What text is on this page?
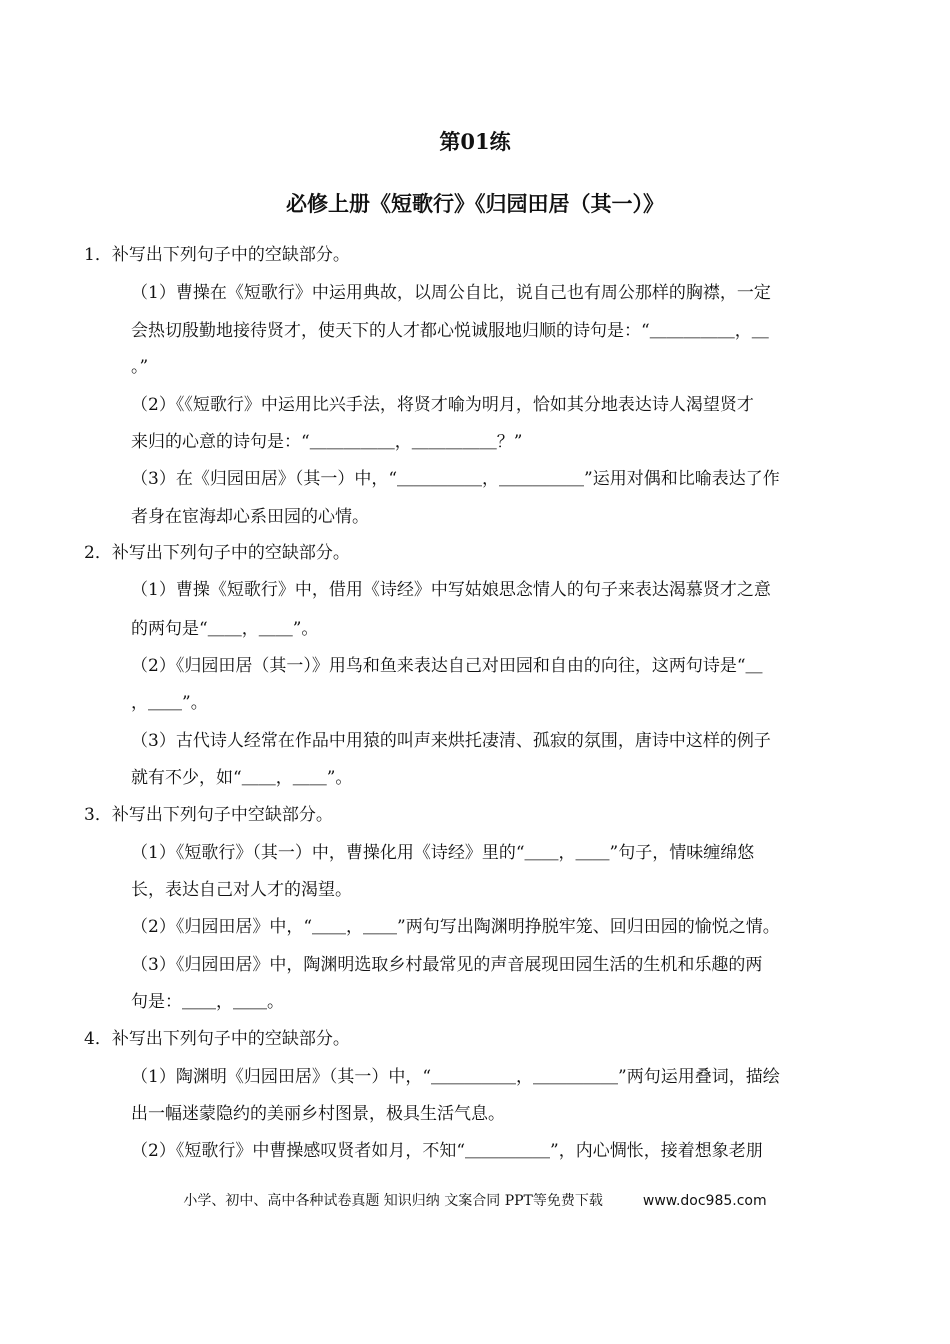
第01练
必修上册《短歌行》《归园田居（其一）》
1．补写出下列句子中的空缺部分。
（1）曹操在《短歌行》中运用典故，以周公自比，说自己也有周公那样的胸襟，一定
会热切殷勤地接待贤才，使天下的人才都心悦诚服地归顺的诗句是：“＿＿＿＿＿，＿
。”
（2）《《短歌行》中运用比兴手法，将贤才喻为明月，恰如其分地表达诗人渴望贤才
来归的心意的诗句是：“＿＿＿＿＿，＿＿＿＿＿？”
（3）在《归园田居》（其一）中，“＿＿＿＿＿，＿＿＿＿＿”运用对偶和比喻表达了作
者身在宦海却心系田园的心情。
2．补写出下列句子中的空缺部分。
（1）曹操《短歌行》中，借用《诗经》中写姑娘思念情人的句子来表达渴慕贤才之意
的两句是“＿＿，＿＿”。
（2）《归园田居（其一）》用鸟和鱼来表达自己对田园和自由的向往，这两句诗是“＿
，＿＿”。
（3）古代诗人经常在作品中用猿的叫声来烘托凄清、孤寂的氛围，唐诗中这样的例子
就有不少，如“＿＿，＿＿”。
3．补写出下列句子中空缺部分。
（1）《短歌行》（其一）中，曹操化用《诗经》里的“＿＿，＿＿”句子，情味缠绵悠
长，表达自己对人才的渴望。
（2）《归园田居》中，“＿＿，＿＿”两句写出陶渊明挣脱牢笼、回归田园的愉悦之情。
（3）《归园田居》中，陶渊明选取乡村最常见的声音展现田园生活的生机和乐趣的两
句是：＿＿，＿＿。
4．补写出下列句子中的空缺部分。
（1）陶渊明《归园田居》（其一）中，“＿＿＿＿＿，＿＿＿＿＿”两句运用叠词，描绘
出一幅迷蒙隐约的美丽乡村图景，极具生活气息。
（2）《短歌行》中曹操感叹贤者如月，不知“＿＿＿＿＿”，内心惆怅，接着想象老朋
小学、初中、高中各种试卷真题 知识归纳 文案合同 PPT等免费下载	www.doc985.com
